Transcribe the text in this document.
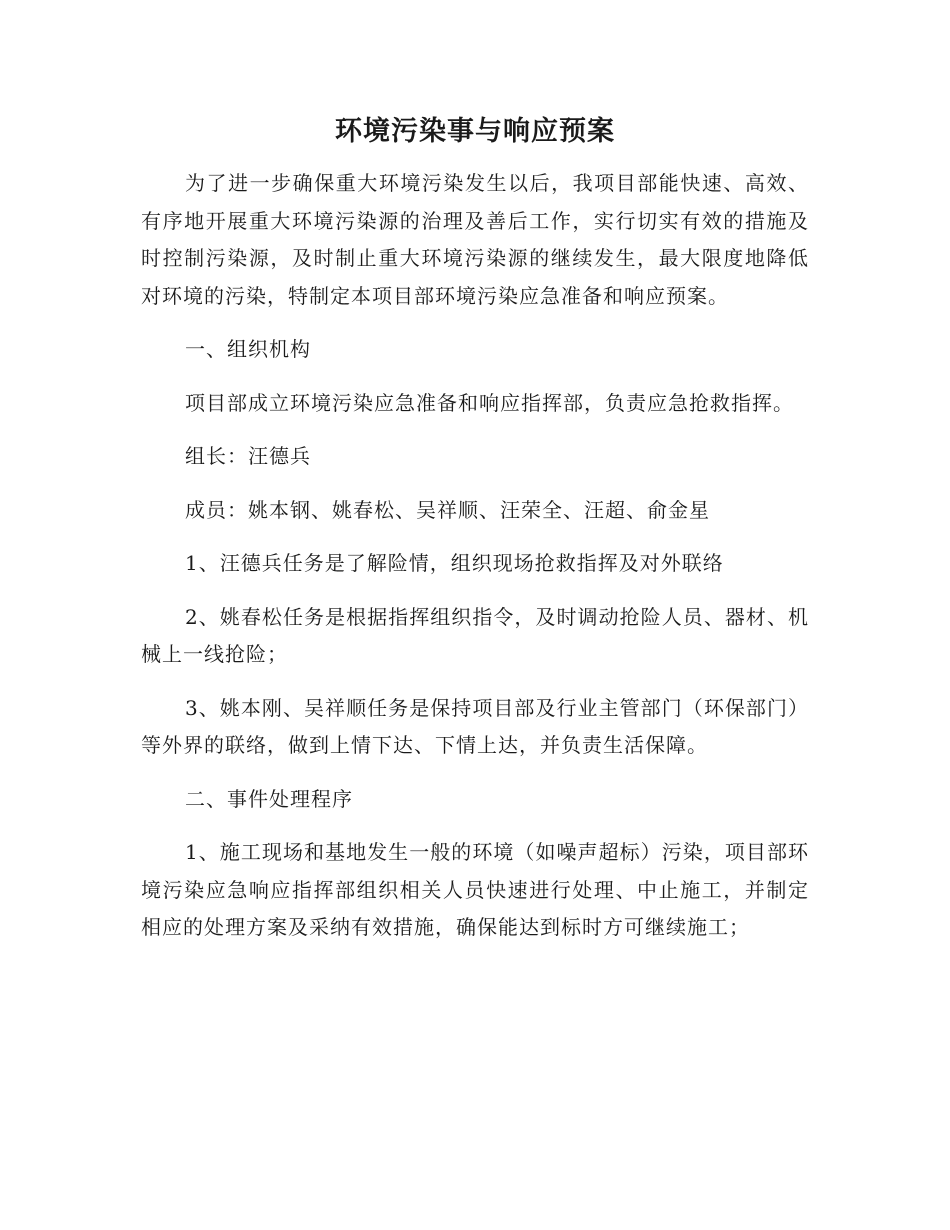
环境污染事与响应预案

为了进一步确保重大环境污染发生以后，我项目部能快速、高效、有序地开展重大环境污染源的治理及善后工作，实行切实有效的措施及时控制污染源，及时制止重大环境污染源的继续发生，最大限度地降低对环境的污染，特制定本项目部环境污染应急准备和响应预案。

一、组织机构

项目部成立环境污染应急准备和响应指挥部，负责应急抢救指挥。

组长：汪德兵

成员：姚本钢、姚春松、吴祥顺、汪荣全、汪超、俞金星

1、汪德兵任务是了解险情，组织现场抢救指挥及对外联络

2、姚春松任务是根据指挥组织指令，及时调动抢险人员、器材、机械上一线抢险；

3、姚本刚、吴祥顺任务是保持项目部及行业主管部门（环保部门）等外界的联络，做到上情下达、下情上达，并负责生活保障。

二、事件处理程序

1、施工现场和基地发生一般的环境（如噪声超标）污染，项目部环境污染应急响应指挥部组织相关人员快速进行处理、中止施工，并制定相应的处理方案及采纳有效措施，确保能达到标时方可继续施工；
